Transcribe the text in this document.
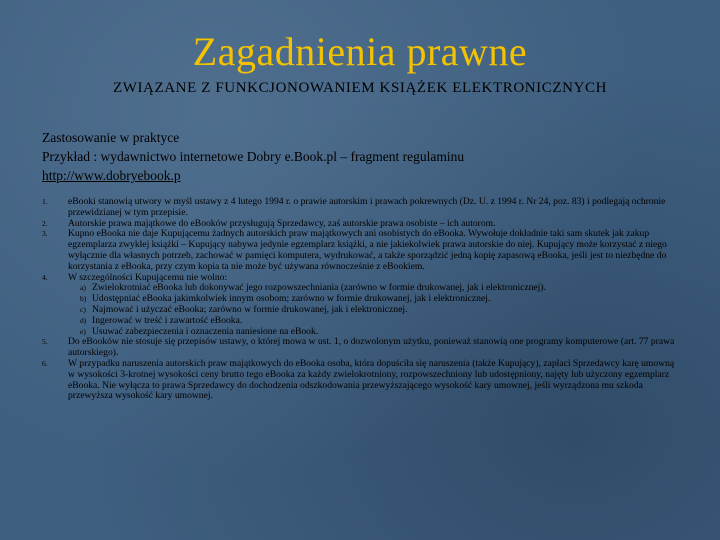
Zagadnienia prawne
ZWIĄZANE Z FUNKCJONOWANIEM KSIĄŻEK ELEKTRONICZNYCH
Zastosowanie w praktyce
Przykład : wydawnictwo internetowe Dobry e.Book.pl – fragment regulaminu
http://www.dobryebook.p
1. eBooki stanowią utwory w myśl ustawy z 4 lutego 1994 r. o prawie autorskim i prawach pokrewnych (Dz. U. z 1994 r. Nr 24, poz. 83) i podlegają ochronie przewidzianej w tym przepisie.
2. Autorskie prawa majątkowe do eBooków przysługują Sprzedawcy, zaś autorskie prawa osobiste – ich autorom.
3. Kupno eBooka nie daje Kupującemu żadnych autorskich praw majątkowych ani osobistych do eBooka. Wywołuje dokładnie taki sam skutek jak zakup egzemplarza zwykłej książki – Kupujący nabywa jedynie egzemplarz książki, a nie jakiekolwiek prawa autorskie do niej. Kupujący może korzystać z niego wyłącznie dla własnych potrzeb, zachować w pamięci komputera, wydrukować, a także sporządzić jedną kopię zapasową eBooka, jeśli jest to niezbędne do korzystania z eBooka, przy czym kopia ta nie może być używana równocześnie z eBookiem.
4. W szczególności Kupującemu nie wolno:
a) Zwielokrotniać eBooka lub dokonywać jego rozpowszechniania (zarówno w formie drukowanej, jak i elektronicznej).
b) Udostępniać eBooka jakimkolwiek innym osobom; zarówno w formie drukowanej, jak i elektronicznej.
c) Najmować i użyczać eBooka; zarówno w formie drukowanej, jak i elektronicznej.
d) Ingerować w treść i zawartość eBooka.
e) Usuwać zabezpieczenia i oznaczenia naniesione na eBook.
5. Do eBooków nie stosuje się przepisów ustawy, o której mowa w ust. 1, o dozwolonym użytku, ponieważ stanowią one programy komputerowe (art. 77 prawa autorskiego).
6. W przypadku naruszenia autorskich praw majątkowych do eBooka osoba, która dopuściła się naruszenia (także Kupujący), zapłaci Sprzedawcy karę umowną w wysokości 3-krotnej wysokości ceny brutto tego eBooka za każdy zwielokrotniony, rozpowszechniony lub udostępniony, najęty lub użyczony egzemplarz eBooka. Nie wyłącza to prawa Sprzedawcy do dochodzenia odszkodowania przewyższającego wysokość kary umownej, jeśli wyrządzona mu szkoda przewyższa wysokość kary umownej.
